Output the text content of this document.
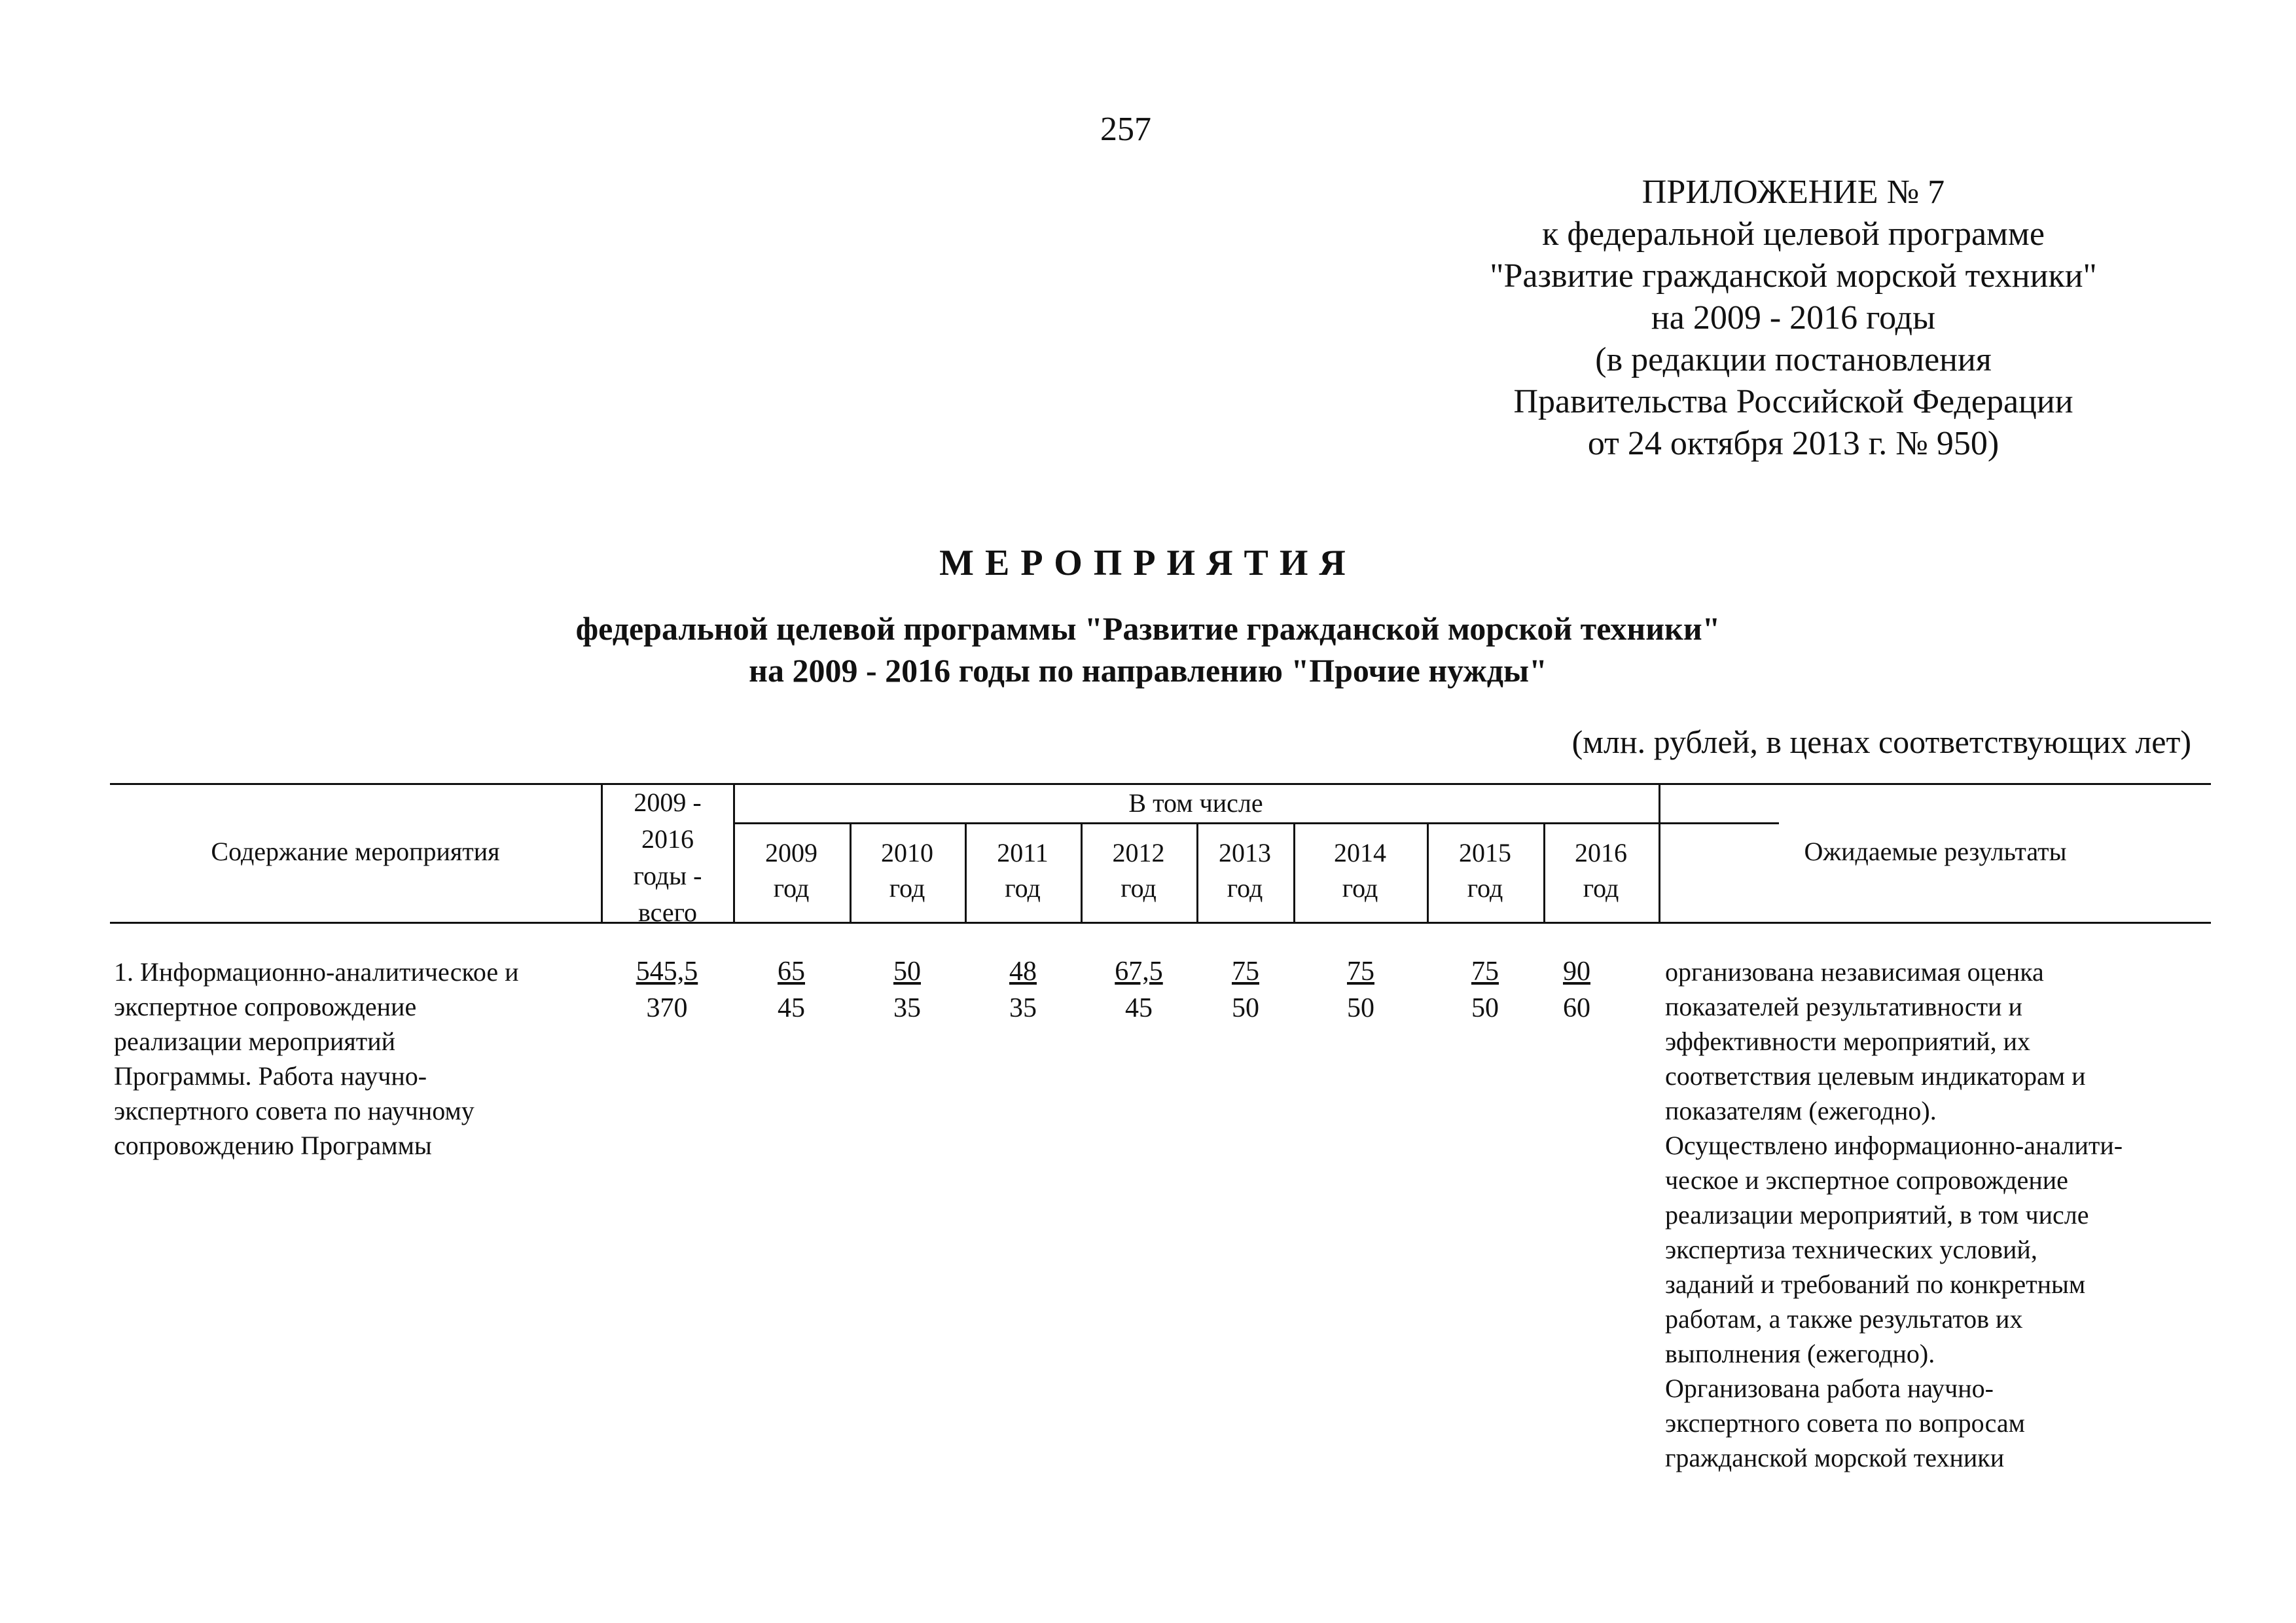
257
ПРИЛОЖЕНИЕ № 7
к федеральной целевой программе
"Развитие гражданской морской техники"
на 2009 - 2016 годы
(в редакции постановления
Правительства Российской Федерации
от 24 октября 2013 г. № 950)
МЕРОПРИЯТИЯ
федеральной целевой программы "Развитие гражданской морской техники"
на 2009 - 2016 годы по направлению "Прочие нужды"
(млн. рублей, в ценах соответствующих лет)
Содержание мероприятия
2009 -
2016
годы -
всего
В том числе
2009
год
2010
год
2011
год
2012
год
2013
год
2014
год
2015
год
2016
год
Ожидаемые результаты
1. Информационно-аналитическое и
экспертное сопровождение
реализации мероприятий
Программы. Работа научно-
экспертного совета по научному
сопровождению Программы
545,5
370
65
45
50
35
48
35
67,5
45
75
50
75
50
75
50
90
60
организована независимая оценка
показателей результативности и
эффективности мероприятий, их
соответствия целевым индикаторам и
показателям (ежегодно).
Осуществлено информационно-аналити-
ческое и экспертное сопровождение
реализации мероприятий, в том числе
экспертиза технических условий,
заданий и требований по конкретным
работам, а также результатов их
выполнения (ежегодно).
Организована работа научно-
экспертного совета по вопросам
гражданской морской техники
